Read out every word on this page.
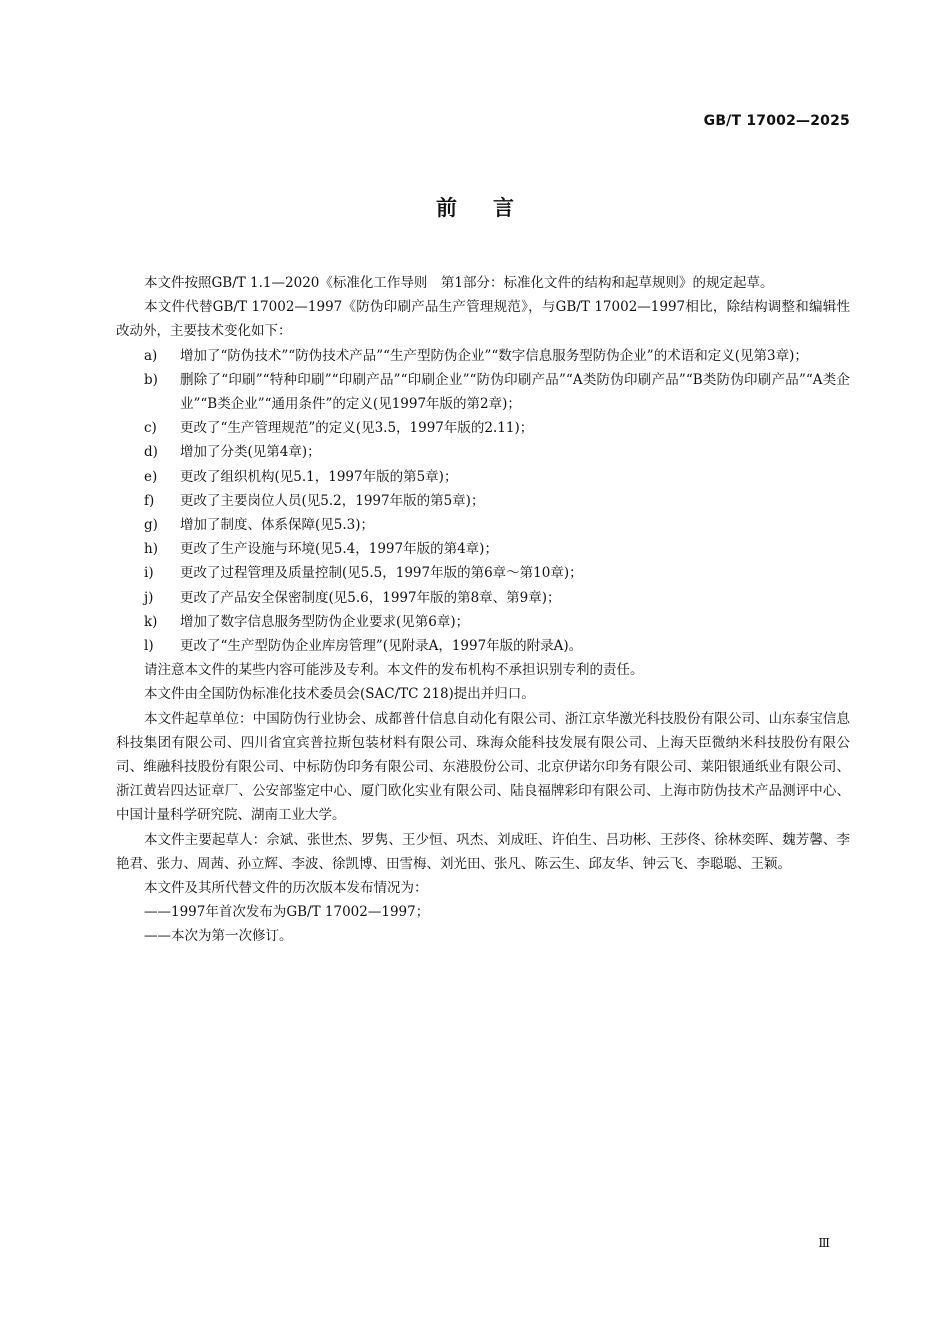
GB/T 17002—2025
前言

本文件按照GB/T 1.1—2020《标准化工作导则　第1部分：标准化文件的结构和起草规则》的规定起草。

本文件代替GB/T 17002—1997《防伪印刷产品生产管理规范》，与GB/T 17002—1997相比，除结构调整和编辑性改动外，主要技术变化如下：

a)	增加了“防伪技术”“防伪技术产品”“生产型防伪企业”“数字信息服务型防伪企业”的术语和定义(见第3章)；
b)	删除了“印刷”“特种印刷”“印刷产品”“印刷企业”“防伪印刷产品”“A类防伪印刷产品”“B类防伪印刷产品”“A类企业”“B类企业”“通用条件”的定义(见1997年版的第2章)；
c)	更改了“生产管理规范”的定义(见3.5，1997年版的2.11)；
d)	增加了分类(见第4章)；
e)	更改了组织机构(见5.1，1997年版的第5章)；
f)	更改了主要岗位人员(见5.2，1997年版的第5章)；
g)	增加了制度、体系保障(见5.3)；
h)	更改了生产设施与环境(见5.4，1997年版的第4章)；
i)	更改了过程管理及质量控制(见5.5，1997年版的第6章～第10章)；
j)	更改了产品安全保密制度(见5.6，1997年版的第8章、第9章)；
k)	增加了数字信息服务型防伪企业要求(见第6章)；
l)	更改了“生产型防伪企业库房管理”(见附录A，1997年版的附录A)。

请注意本文件的某些内容可能涉及专利。本文件的发布机构不承担识别专利的责任。

本文件由全国防伪标准化技术委员会(SAC/TC 218)提出并归口。

本文件起草单位：中国防伪行业协会、成都普什信息自动化有限公司、浙江京华激光科技股份有限公司、山东泰宝信息科技集团有限公司、四川省宜宾普拉斯包装材料有限公司、珠海众能科技发展有限公司、上海天臣微纳米科技股份有限公司、维融科技股份有限公司、中标防伪印务有限公司、东港股份公司、北京伊诺尔印务有限公司、莱阳银通纸业有限公司、浙江黄岩四达证章厂、公安部鉴定中心、厦门欧化实业有限公司、陆良福牌彩印有限公司、上海市防伪技术产品测评中心、中国计量科学研究院、湖南工业大学。

本文件主要起草人：佘斌、张世杰、罗隽、王少恒、巩杰、刘成旺、许伯生、吕功彬、王莎佟、徐林奕晖、魏芳馨、李艳君、张力、周茜、孙立辉、李波、徐凯博、田雪梅、刘光田、张凡、陈云生、邱友华、钟云飞、李聪聪、王颖。

本文件及其所代替文件的历次版本发布情况为：

——1997年首次发布为GB/T 17002—1997；

——本次为第一次修订。

Ⅲ
